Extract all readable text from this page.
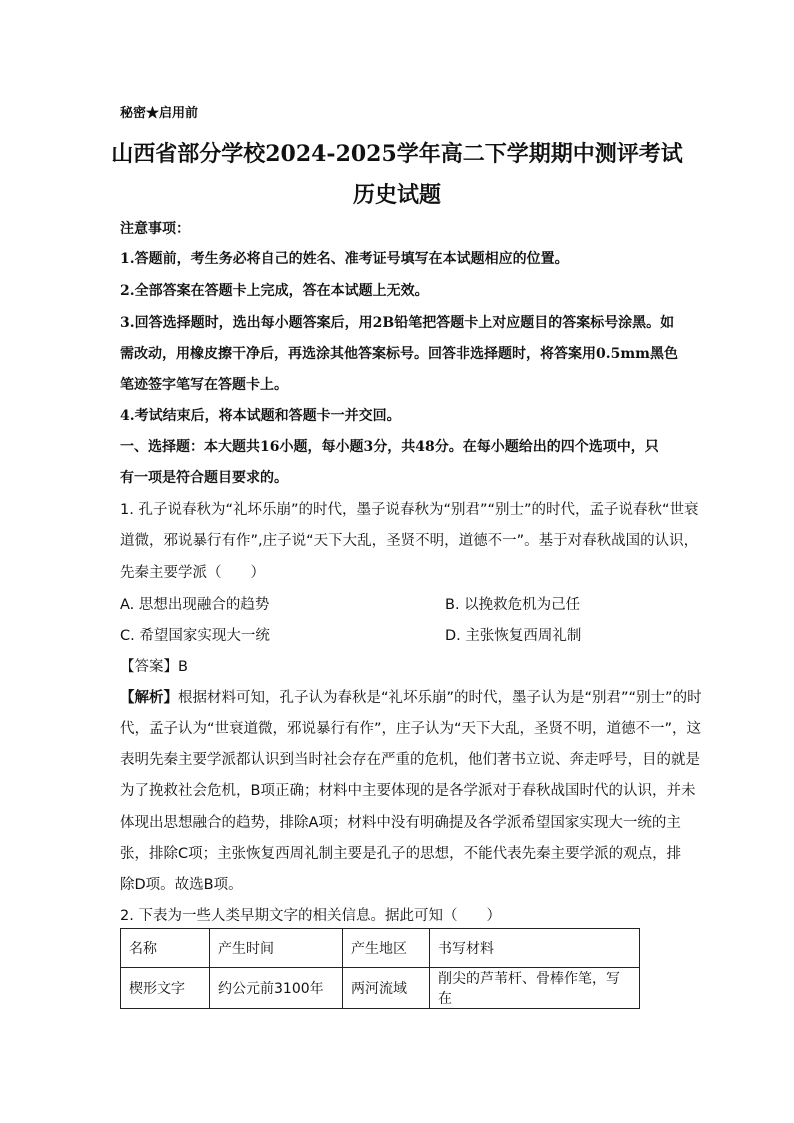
秘密★启用前
山西省部分学校2024-2025学年高二下学期期中测评考试
历史试题
注意事项：
1.答题前，考生务必将自己的姓名、准考证号填写在本试题相应的位置。
2.全部答案在答题卡上完成，答在本试题上无效。
3.回答选择题时，选出每小题答案后，用2B铅笔把答题卡上对应题目的答案标号涂黑。如
需改动，用橡皮擦干净后，再选涂其他答案标号。回答非选择题时，将答案用0.5mm黑色
笔迹签字笔写在答题卡上。
4.考试结束后，将本试题和答题卡一并交回。
一、选择题：本大题共16小题，每小题3分，共48分。在每小题给出的四个选项中，只
有一项是符合题目要求的。
1. 孔子说春秋为“礼坏乐崩”的时代，墨子说春秋为“别君”“别士”的时代，孟子说春秋“世衰
道微，邪说暴行有作”,庄子说“天下大乱，圣贤不明，道德不一”。基于对春秋战国的认识，
先秦主要学派（　　）
A. 思想出现融合的趋势	B. 以挽救危机为己任
C. 希望国家实现大一统	D. 主张恢复西周礼制
【答案】B
【解析】根据材料可知，孔子认为春秋是“礼坏乐崩”的时代，墨子认为是“别君”“别士”的时
代，孟子认为“世衰道微，邪说暴行有作”，庄子认为“天下大乱，圣贤不明，道德不一”，这
表明先秦主要学派都认识到当时社会存在严重的危机，他们著书立说、奔走呼号，目的就是
为了挽救社会危机，B项正确；材料中主要体现的是各学派对于春秋战国时代的认识，并未
体现出思想融合的趋势，排除A项；材料中没有明确提及各学派希望国家实现大一统的主
张，排除C项；主张恢复西周礼制主要是孔子的思想，不能代表先秦主要学派的观点，排
除D项。故选B项。
2. 下表为一些人类早期文字的相关信息。据此可知（　　）
名称	产生时间	产生地区	书写材料
楔形文字	约公元前3100年	两河流域	削尖的芦苇杆、骨棒作笔，写在
